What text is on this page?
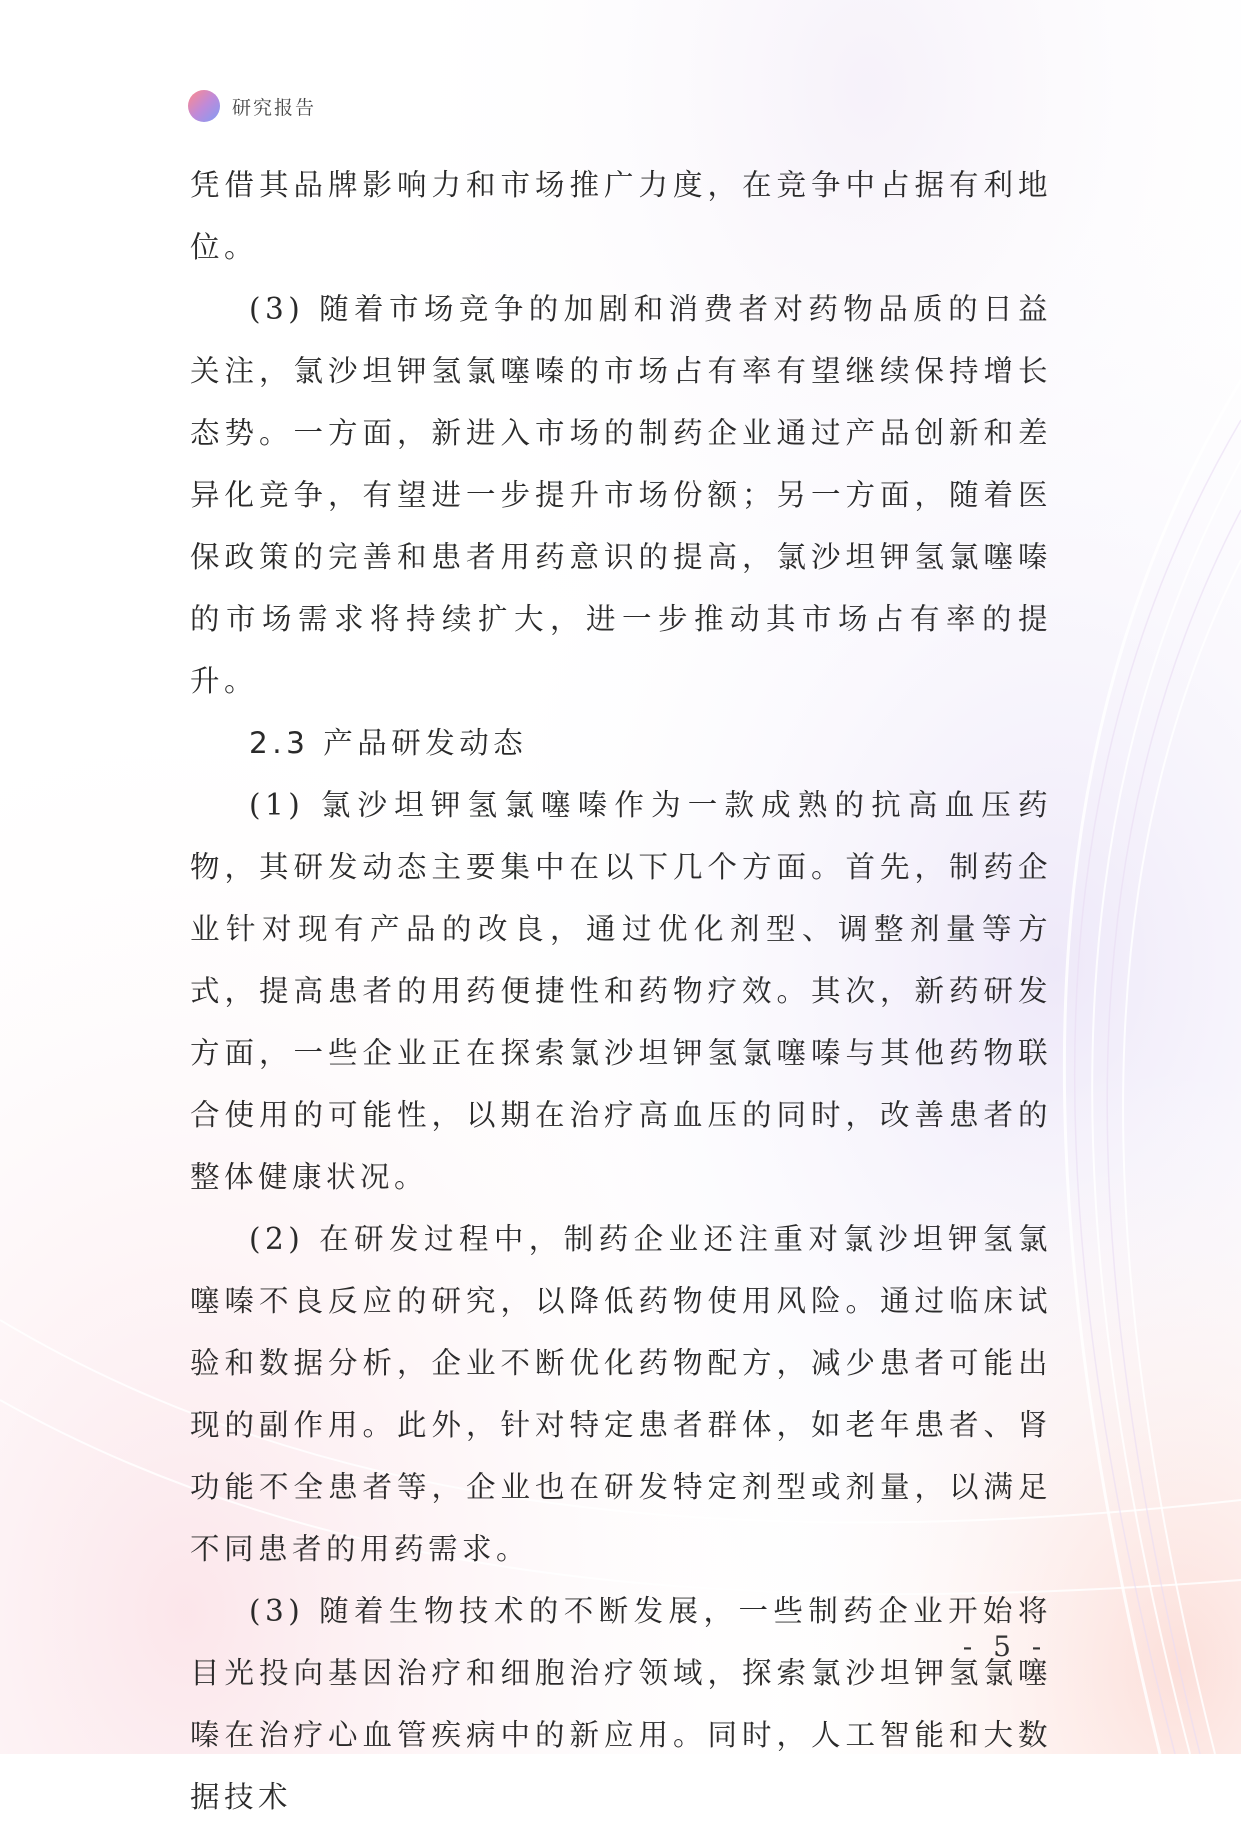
研究报告

凭借其品牌影响力和市场推广力度，在竞争中占据有利地位。

(3) 随着市场竞争的加剧和消费者对药物品质的日益关注，氯沙坦钾氢氯噻嗪的市场占有率有望继续保持增长态势。一方面，新进入市场的制药企业通过产品创新和差异化竞争，有望进一步提升市场份额；另一方面，随着医保政策的完善和患者用药意识的提高，氯沙坦钾氢氯噻嗪的市场需求将持续扩大，进一步推动其市场占有率的提升。

2.3 产品研发动态

(1) 氯沙坦钾氢氯噻嗪作为一款成熟的抗高血压药物，其研发动态主要集中在以下几个方面。首先，制药企业针对现有产品的改良，通过优化剂型、调整剂量等方式，提高患者的用药便捷性和药物疗效。其次，新药研发方面，一些企业正在探索氯沙坦钾氢氯噻嗪与其他药物联合使用的可能性，以期在治疗高血压的同时，改善患者的整体健康状况。

(2) 在研发过程中，制药企业还注重对氯沙坦钾氢氯噻嗪不良反应的研究，以降低药物使用风险。通过临床试验和数据分析，企业不断优化药物配方，减少患者可能出现的副作用。此外，针对特定患者群体，如老年患者、肾功能不全患者等，企业也在研发特定剂型或剂量，以满足不同患者的用药需求。

(3) 随着生物技术的不断发展，一些制药企业开始将目光投向基因治疗和细胞治疗领域，探索氯沙坦钾氢氯噻嗪在治疗心血管疾病中的新应用。同时，人工智能和大数据技术

- 5 -
